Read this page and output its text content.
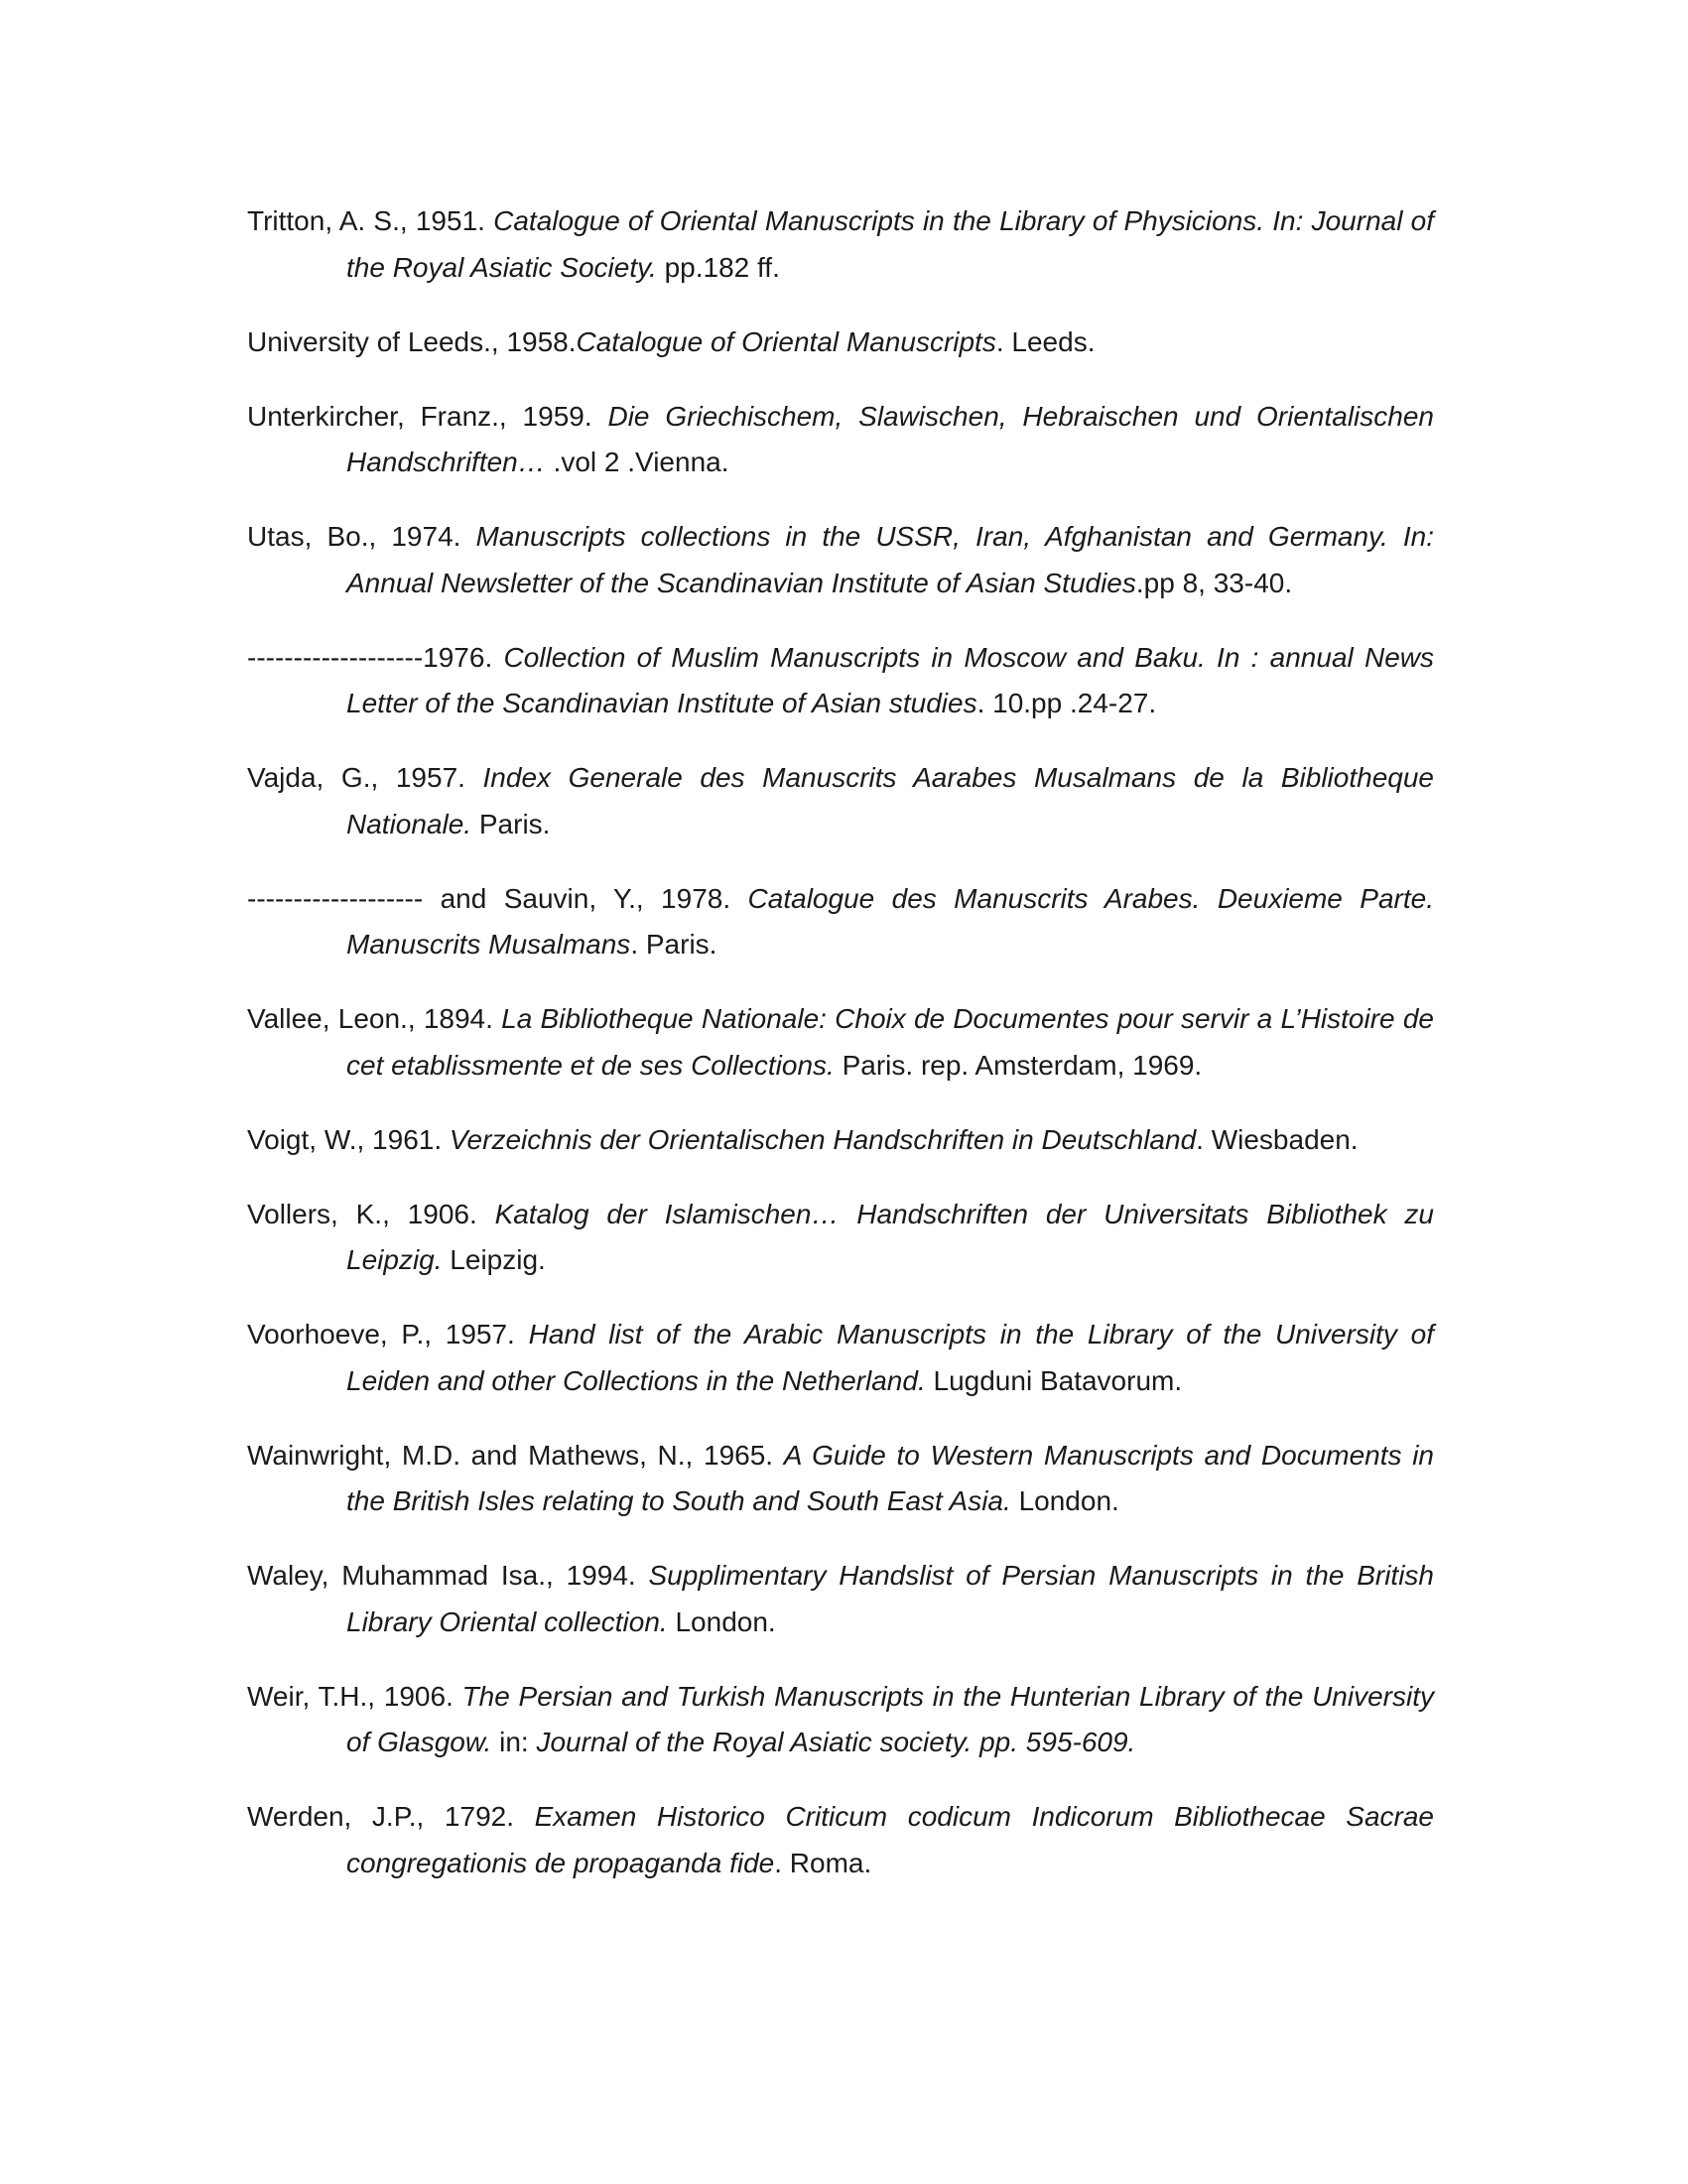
Tritton, A. S., 1951. Catalogue of Oriental Manuscripts in the Library of Physicions. In: Journal of the Royal Asiatic Society. pp.182 ff.
University of Leeds., 1958.Catalogue of Oriental Manuscripts. Leeds.
Unterkircher, Franz., 1959. Die Griechischem, Slawischen, Hebraischen und Orientalischen Handschriften… .vol 2 .Vienna.
Utas, Bo., 1974. Manuscripts collections in the USSR, Iran, Afghanistan and Germany. In: Annual Newsletter of the Scandinavian Institute of Asian Studies.pp 8, 33-40.
-------------------1976. Collection of Muslim Manuscripts in Moscow and Baku. In : annual News Letter of the Scandinavian Institute of Asian studies. 10.pp .24-27.
Vajda, G., 1957. Index Generale des Manuscrits Aarabes Musalmans de la Bibliotheque Nationale. Paris.
------------------- and Sauvin, Y., 1978. Catalogue des Manuscrits Arabes. Deuxieme Parte. Manuscrits Musalmans. Paris.
Vallee, Leon., 1894. La Bibliotheque Nationale: Choix de Documentes pour servir a L’Histoire de cet etablissmente et de ses Collections. Paris. rep. Amsterdam, 1969.
Voigt, W., 1961. Verzeichnis der Orientalischen Handschriften in Deutschland. Wiesbaden.
Vollers, K., 1906. Katalog der Islamischen… Handschriften der Universitats Bibliothek zu Leipzig. Leipzig.
Voorhoeve, P., 1957. Hand list of the Arabic Manuscripts in the Library of the University of Leiden and other Collections in the Netherland. Lugduni Batavorum.
Wainwright, M.D. and Mathews, N., 1965. A Guide to Western Manuscripts and Documents in the British Isles relating to South and South East Asia. London.
Waley, Muhammad Isa., 1994. Supplimentary Handslist of Persian Manuscripts in the British Library Oriental collection. London.
Weir, T.H., 1906. The Persian and Turkish Manuscripts in the Hunterian Library of the University of Glasgow. in: Journal of the Royal Asiatic society. pp. 595-609.
Werden, J.P., 1792. Examen Historico Criticum codicum Indicorum Bibliothecae Sacrae congregationis de propaganda fide. Roma.
